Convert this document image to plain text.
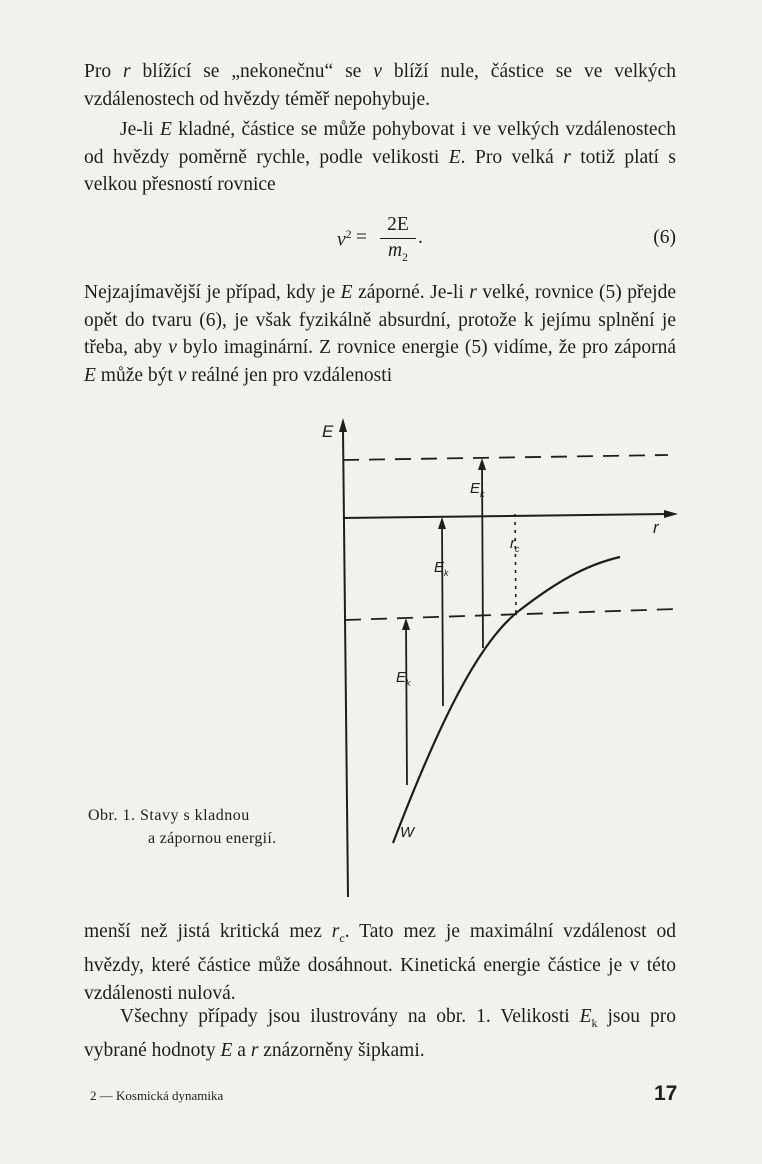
Pro r blížící se „nekonečnu“ se v blíží nule, částice se ve velkých vzdálenostech od hvězdy téměř nepohybuje.

Je-li E kladné, částice se může pohybovat i ve velkých vzdálenostech od hvězdy poměrně rychle, podle velikosti E. Pro velká r totiž platí s velkou přesností rovnice

$v^2$ =
2E
$m_2$
.	(6)

Nejzajímavější je případ, kdy je E záporné. Je-li r velké, rovnice (5) přejde opět do tvaru (6), je však fyzikálně absurdní, protože k jejímu splnění je třeba, aby v bylo imaginární. Z rovnice energie (5) vidíme, že pro záporná E může být v reálné jen pro vzdálenosti

E
r
$r_c$
$E_k$
$E_k$
$E_k$
W
Obr. 1. Stavy s kladnou
a zápornou energií.

menší než jistá kritická mez $r_c$. Tato mez je maximální vzdálenost od hvězdy, které částice může dosáhnout. Kinetická energie částice je v této vzdálenosti nulová.

Všechny případy jsou ilustrovány na obr. 1. Velikosti $E_k$ jsou pro vybrané hodnoty E a r znázorněny šipkami.

2 — Kosmická dynamika	17
